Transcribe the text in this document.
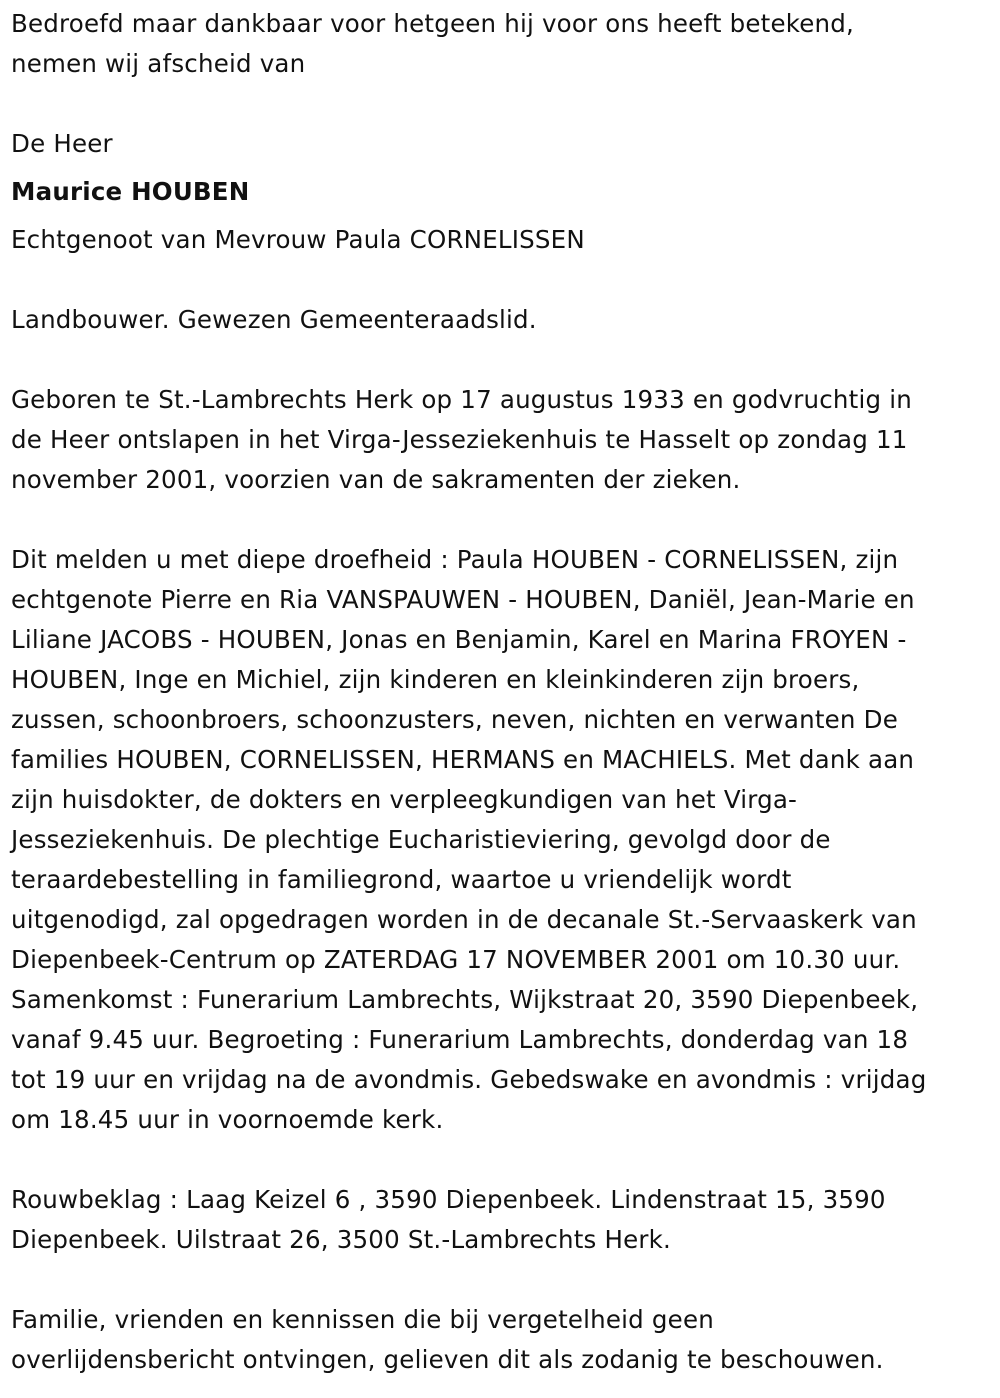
Bedroefd maar dankbaar voor hetgeen hij voor ons heeft betekend,
nemen wij afscheid van

De Heer

Maurice HOUBEN

Echtgenoot van Mevrouw Paula CORNELISSEN

Landbouwer. Gewezen Gemeenteraadslid.

Geboren te St.-Lambrechts Herk op 17 augustus 1933 en godvruchtig in
de Heer ontslapen in het Virga-Jesseziekenhuis te Hasselt op zondag 11
november 2001, voorzien van de sakramenten der zieken.

Dit melden u met diepe droefheid : Paula HOUBEN - CORNELISSEN, zijn
echtgenote Pierre en Ria VANSPAUWEN - HOUBEN, Daniël, Jean-Marie en
Liliane JACOBS - HOUBEN, Jonas en Benjamin, Karel en Marina FROYEN -
HOUBEN, Inge en Michiel, zijn kinderen en kleinkinderen zijn broers,
zussen, schoonbroers, schoonzusters, neven, nichten en verwanten De
families HOUBEN, CORNELISSEN, HERMANS en MACHIELS. Met dank aan
zijn huisdokter, de dokters en verpleegkundigen van het Virga-
Jesseziekenhuis. De plechtige Eucharistieviering, gevolgd door de
teraardebestelling in familiegrond, waartoe u vriendelijk wordt
uitgenodigd, zal opgedragen worden in de decanale St.-Servaaskerk van
Diepenbeek-Centrum op ZATERDAG 17 NOVEMBER 2001 om 10.30 uur.
Samenkomst : Funerarium Lambrechts, Wijkstraat 20, 3590 Diepenbeek,
vanaf 9.45 uur. Begroeting : Funerarium Lambrechts, donderdag van 18
tot 19 uur en vrijdag na de avondmis. Gebedswake en avondmis : vrijdag
om 18.45 uur in voornoemde kerk.

Rouwbeklag : Laag Keizel 6 , 3590 Diepenbeek. Lindenstraat 15, 3590
Diepenbeek. Uilstraat 26, 3500 St.-Lambrechts Herk.

Familie, vrienden en kennissen die bij vergetelheid geen
overlijdensbericht ontvingen, gelieven dit als zodanig te beschouwen.
